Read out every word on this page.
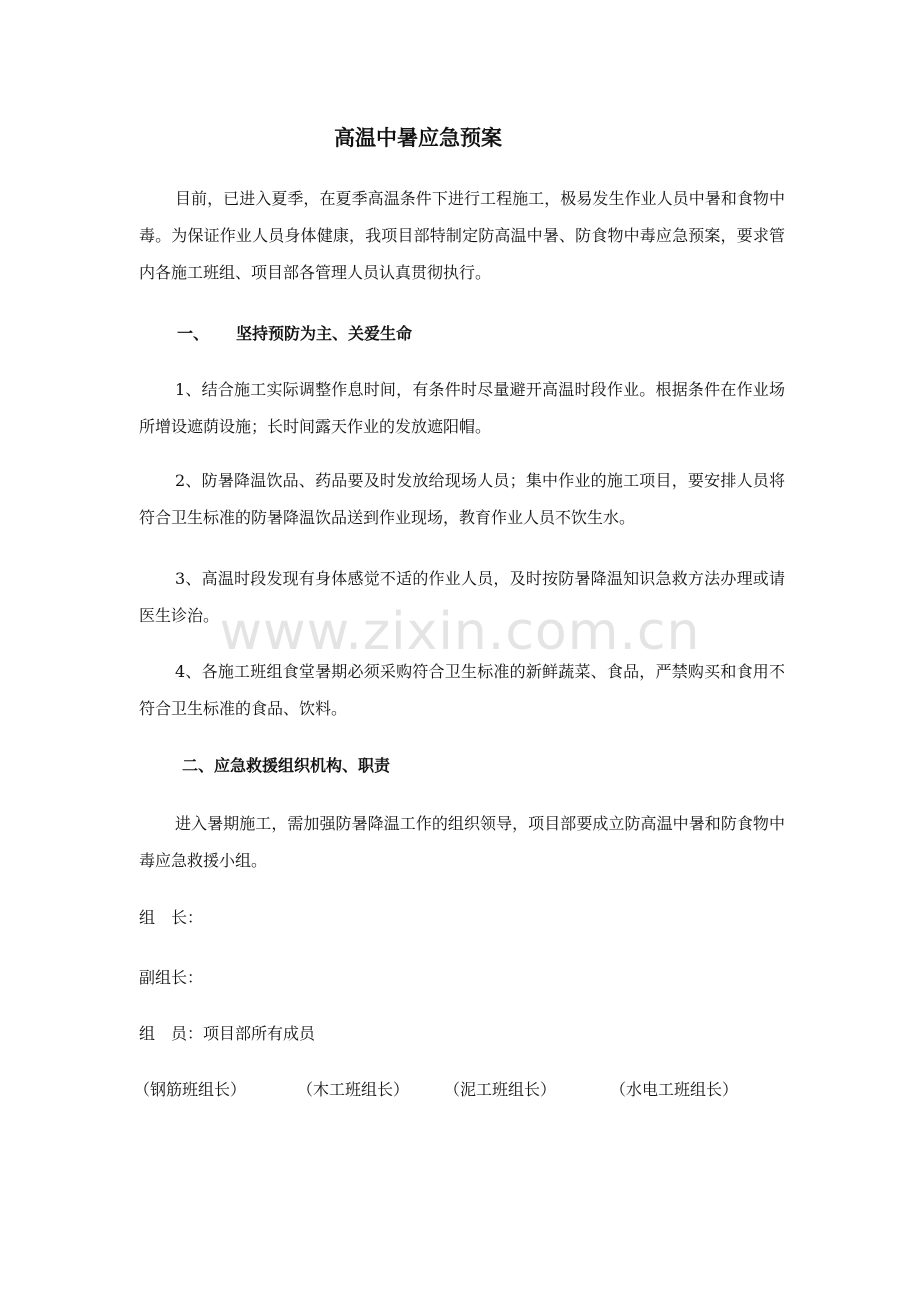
www.zixin.com.cn
高温中暑应急预案

目前，已进入夏季，在夏季高温条件下进行工程施工，极易发生作业人员中暑和食物中毒。为保证作业人员身体健康，我项目部特制定防高温中暑、防食物中毒应急预案，要求管内各施工班组、项目部各管理人员认真贯彻执行。

一、 坚持预防为主、关爱生命

1、结合施工实际调整作息时间，有条件时尽量避开高温时段作业。根据条件在作业场所增设遮荫设施；长时间露天作业的发放遮阳帽。

2、防暑降温饮品、药品要及时发放给现场人员；集中作业的施工项目，要安排人员将符合卫生标准的防暑降温饮品送到作业现场，教育作业人员不饮生水。

3、高温时段发现有身体感觉不适的作业人员，及时按防暑降温知识急救方法办理或请医生诊治。

4、各施工班组食堂暑期必须采购符合卫生标准的新鲜蔬菜、食品，严禁购买和食用不符合卫生标准的食品、饮料。

二、应急救援组织机构、职责

进入暑期施工，需加强防暑降温工作的组织领导，项目部要成立防高温中暑和防食物中毒应急救援小组。

组　长：
副组长：
组　员：项目部所有成员
（钢筋班组长）	（木工班组长） （泥工班组长）	（水电工班组长）
